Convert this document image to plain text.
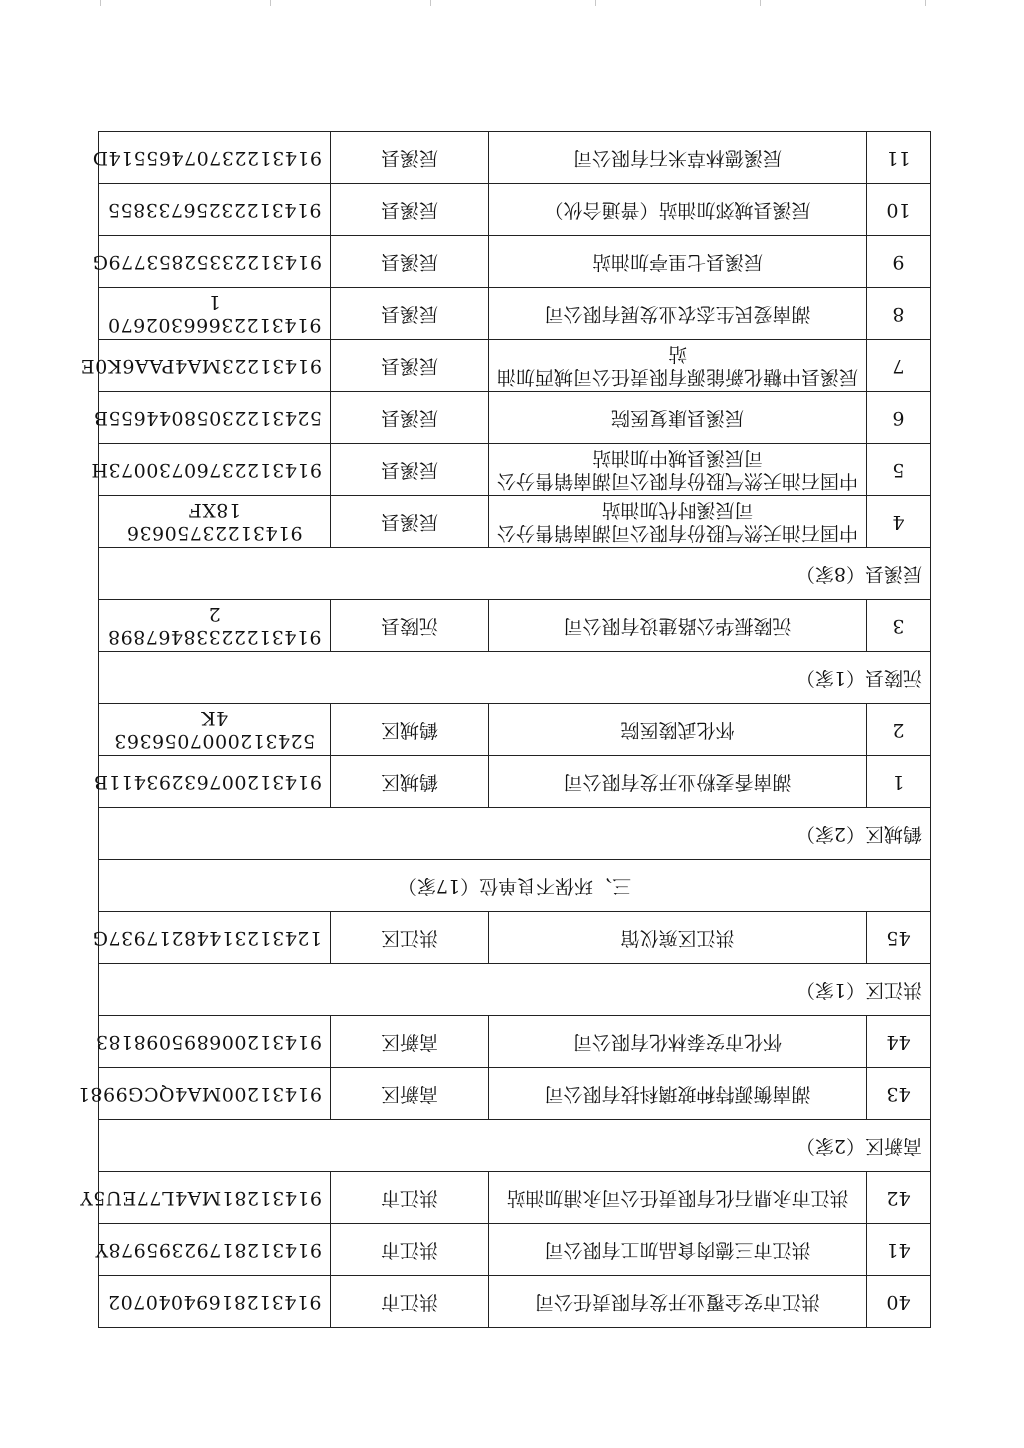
40	洪江市安全覆业开发有限责任公司	洪江市	91431281694040702
41	洪江市三德肉食品加工有限公司	洪江市	91431281792395978Y
42	洪江市永鼎石化有限责任公司永浦加油站	洪江市	91431281MA4L77EU5Y
高新区（2家）			
43	湖南衡源特种玻璃科技有限公司	高新区	91431200MA4QCG9981
44	怀化市安泰林化有限公司	高新区	914312006895098183
洪江区（1家）			
45	洪江区殡仪馆	洪江区	12431231448217937G
三、环保不良单位（17家）			
鹤城区（2家）			
1	湖南香麦粉业开发有限公司	鹤城区	91431200763293411B
2	怀化武陵医院	鹤城区	5243120007056363 4K
沅陵县（1家）			
3	沅陵振华公路建设有限公司	沅陵县	91431222338467898 2
辰溪县（8家）			
4	中国石油天然气股份有限公司湖南销售分公
司辰溪时代加油站	辰溪县	91431223750636 18XF
5	中国石油天然气股份有限公司湖南销售分公
司辰溪县城中加油站	辰溪县	91431223760730073H
6	辰溪县康复医院	辰溪县	52431223058044655B
7	辰溪县中糖化新能源有限责任公司城西加油
站	辰溪县	91431223MA4PAA6K0E
8	湖南爱民生态农业发展有限公司	辰溪县	91431223666302670 1
9	辰溪县七里亭加油站	辰溪县	91431223352853779G
10	辰溪县城郊加油站（普通合伙）	辰溪县	91431223256733855
11	辰溪德林草米石有限公司	辰溪县	91431223707465514D
